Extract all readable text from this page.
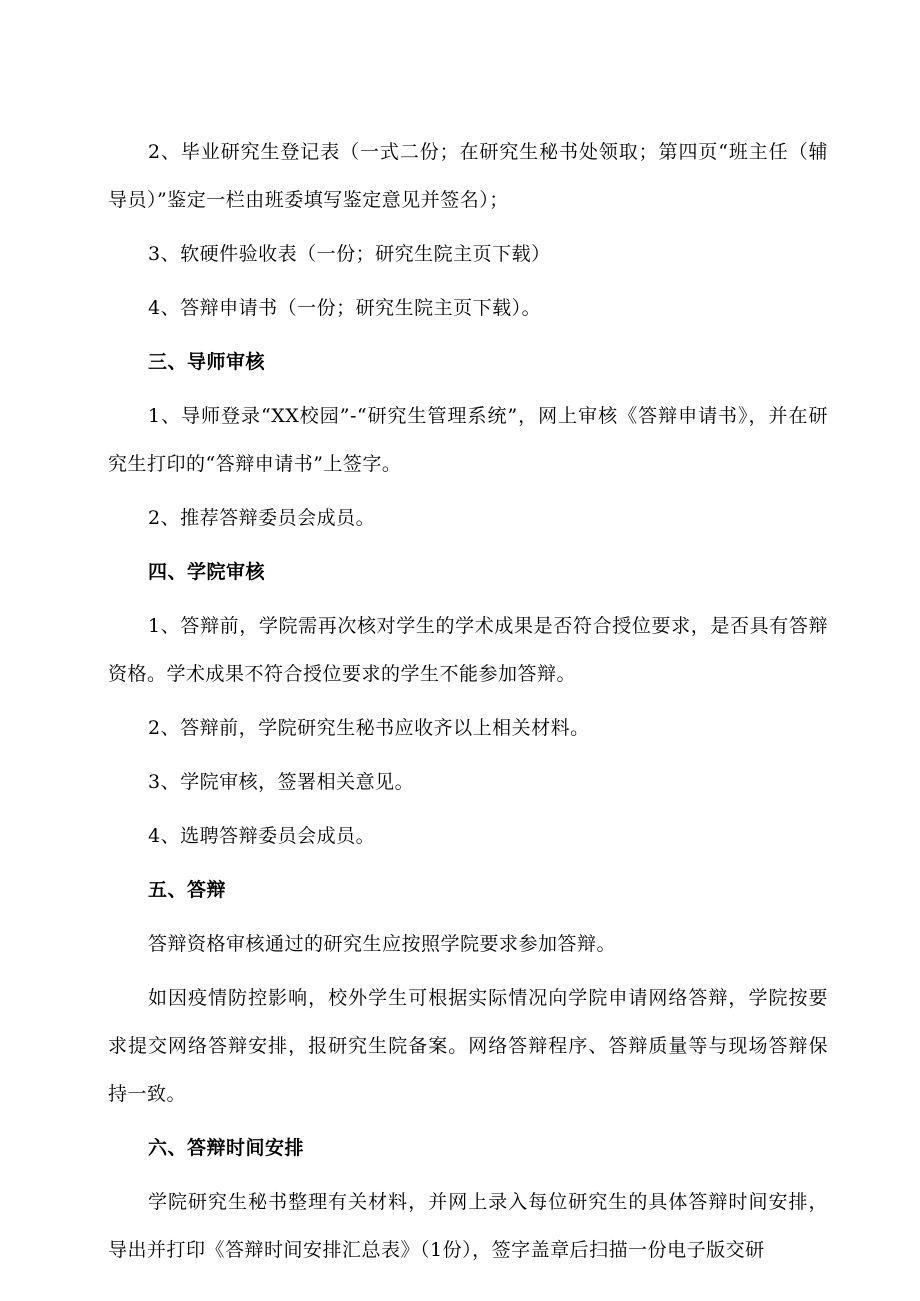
2、毕业研究生登记表（一式二份；在研究生秘书处领取；第四页“班主任（辅导员）”鉴定一栏由班委填写鉴定意见并签名）；

3、软硬件验收表（一份；研究生院主页下载）

4、答辩申请书（一份；研究生院主页下载）。

三、导师审核

1、导师登录“XX校园”-“研究生管理系统”，网上审核《答辩申请书》，并在研究生打印的“答辩申请书”上签字。

2、推荐答辩委员会成员。

四、学院审核

1、答辩前，学院需再次核对学生的学术成果是否符合授位要求，是否具有答辩资格。学术成果不符合授位要求的学生不能参加答辩。

2、答辩前，学院研究生秘书应收齐以上相关材料。

3、学院审核，签署相关意见。

4、选聘答辩委员会成员。

五、答辩

答辩资格审核通过的研究生应按照学院要求参加答辩。

如因疫情防控影响，校外学生可根据实际情况向学院申请网络答辩，学院按要求提交网络答辩安排，报研究生院备案。网络答辩程序、答辩质量等与现场答辩保持一致。

六、答辩时间安排

学院研究生秘书整理有关材料，并网上录入每位研究生的具体答辩时间安排，导出并打印《答辩时间安排汇总表》（1份），签字盖章后扫描一份电子版交研
